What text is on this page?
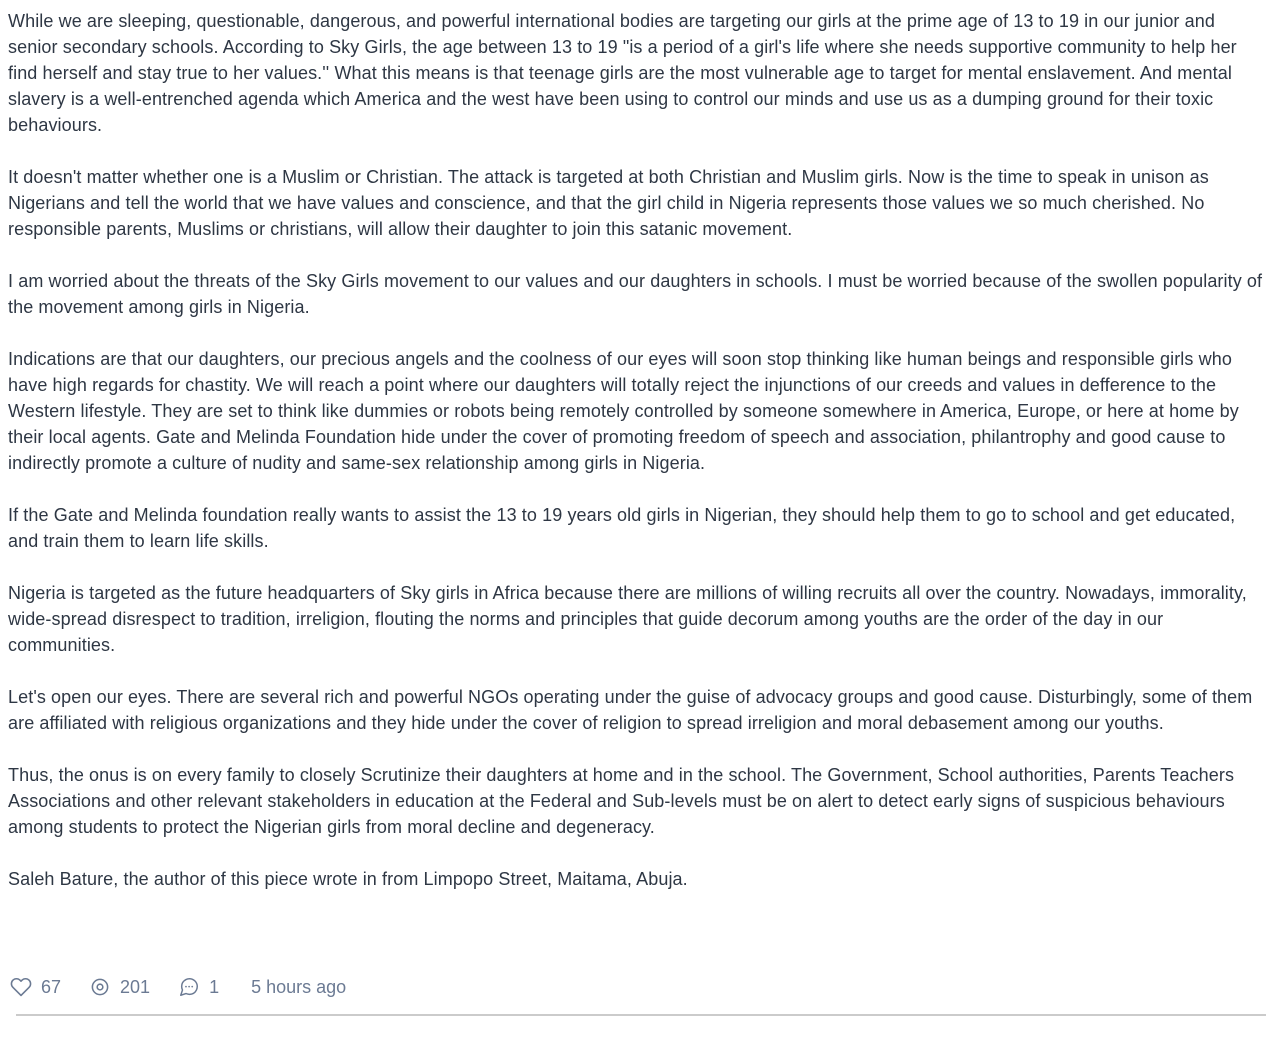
While we are sleeping, questionable, dangerous, and powerful international bodies are targeting our girls at the prime age of 13 to 19 in our junior and senior secondary schools. According to Sky Girls, the age between 13 to 19 "is a period of a girl's life where she needs supportive community to help her find herself and stay true to her values.'' What this means is that teenage girls are the most vulnerable age to target for mental enslavement. And mental slavery is a well-entrenched agenda which America and the west have been using to control our minds and use us as a dumping ground for their toxic behaviours.

It doesn't matter whether one is a Muslim or Christian. The attack is targeted at both Christian and Muslim girls. Now is the time to speak in unison as Nigerians and tell the world that we have values and conscience, and that the girl child in Nigeria represents those values we so much cherished. No responsible parents, Muslims or christians, will allow their daughter to join this satanic movement.

I am worried about the threats of the Sky Girls movement to our values and our daughters in schools. I must be worried because of the swollen popularity of the movement among girls in Nigeria.

Indications are that our daughters, our precious angels and the coolness of our eyes will soon stop thinking like human beings and responsible girls who have high regards for chastity. We will reach a point where our daughters will totally reject the injunctions of our creeds and values in defference to the Western lifestyle. They are set to think like dummies or robots being remotely controlled by someone somewhere in America, Europe, or here at home by their local agents. Gate and Melinda Foundation hide under the cover of promoting freedom of speech and association, philantrophy and good cause to indirectly promote a culture of nudity and same-sex relationship among girls in Nigeria.

If the Gate and Melinda foundation really wants to assist the 13 to 19 years old girls in Nigerian, they should help them to go to school and get educated, and train them to learn life skills.

Nigeria is targeted as the future headquarters of Sky girls in Africa because there are millions of willing recruits all over the country. Nowadays, immorality, wide-spread disrespect to tradition, irreligion, flouting the norms and principles that guide decorum among youths are the order of the day in our communities.

Let's open our eyes. There are several rich and powerful NGOs operating under the guise of advocacy groups and good cause. Disturbingly, some of them are affiliated with religious organizations and they hide under the cover of religion to spread irreligion and moral debasement among our youths.

Thus, the onus is on every family to closely Scrutinize their daughters at home and in the school. The Government, School authorities, Parents Teachers Associations and other relevant stakeholders in education at the Federal and Sub-levels must be on alert to detect early signs of suspicious behaviours among students to protect the Nigerian girls from moral decline and degeneracy.

Saleh Bature, the author of this piece wrote in from Limpopo Street, Maitama, Abuja.

67	201	1 5 hours ago
